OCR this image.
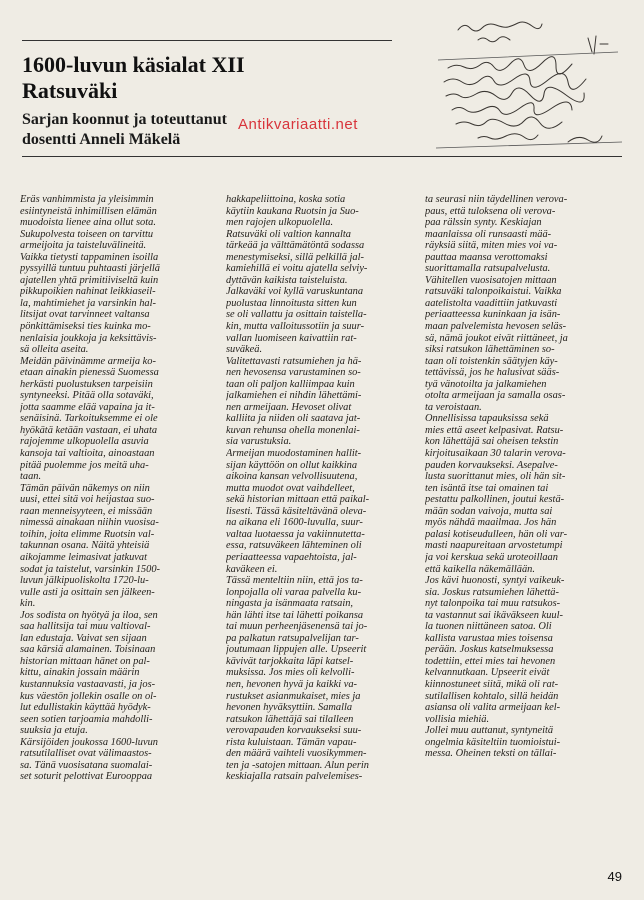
1600-luvun käsialat XII
Ratsuväki
Sarjan koonnut ja toteuttanut
dosentti Anneli Mäkelä
Antikvariaatti.net

Eräs vanhimmista ja yleisimmin
esiintyneistä inhimillisen elämän
muodoista lienee aina ollut sota.
Sukupolvesta toiseen on tarvittu
armeijoita ja taisteluvälineitä.
Vaikka tietysti tappaminen isoilla
pyssyillä tuntuu puhtaasti järjellä
ajatellen yhtä primitiiviseltä kuin
pikkupoikien nahinat leikkiaseil-
la, mahtimiehet ja varsinkin hal-
litsijat ovat tarvinneet valtansa
pönkittämiseksi ties kuinka mo-
nenlaisia joukkoja ja keksittävis-
sä olleita aseita.
Meidän päivinämme armeija ko-
etaan ainakin pienessä Suomessa
herkästi puolustuksen tarpeisiin
syntyneeksi. Pitää olla sotaväki,
jotta saamme elää vapaina ja it-
senäisinä. Tarkoituksemme ei ole
hyökätä ketään vastaan, ei uhata
rajojemme ulkopuolella asuvia
kansoja tai valtioita, ainoastaan
pitää puolemme jos meitä uha-
taan.
Tämän päivän näkemys on niin
uusi, ettei sitä voi heijastaa suo-
raan menneisyyteen, ei missään
nimessä ainakaan niihin vuosisa-
toihin, joita elimme Ruotsin val-
takunnan osana. Näitä yhteisiä
aikojamme leimasivat jatkuvat
sodat ja taistelut, varsinkin 1500-
luvun jälkipuoliskolta 1720-lu-
vulle asti ja osittain sen jälkeen-
kin.
Jos sodista on hyötyä ja iloa, sen
saa hallitsija tai muu valtioval-
lan edustaja. Vaivat sen sijaan
saa kärsiä alamainen. Toisinaan
historian mittaan hänet on pal-
kittu, ainakin jossain määrin
kustannuksia vastaavasti, ja jos-
kus väestön jollekin osalle on ol-
lut edullistakin käyttää hyödyk-
seen sotien tarjoamia mahdolli-
suuksia ja etuja.
Kärsijöiden joukossa 1600-luvun
ratsutilalliset ovat välimaastos-
sa. Tänä vuosisatana suomalai-
set soturit pelottivat Eurooppaa

hakkapeliittoina, koska sotia
käytiin kaukana Ruotsin ja Suo-
men rajojen ulkopuolella.
Ratsuväki oli valtion kannalta
tärkeää ja välttämätöntä sodassa
menestymiseksi, sillä pelkillä jal-
kamiehillä ei voitu ajatella selviy-
dyttävän kaikista taisteluista.
Jalkaväki voi kyllä varuskuntana
puolustaa linnoitusta sitten kun
se oli vallattu ja osittain taistella-
kin, mutta valloitussotiin ja suur-
vallan luomiseen kaivattiin rat-
suväkeä.
Valitettavasti ratsumiehen ja hä-
nen hevosensa varustaminen so-
taan oli paljon kalliimpaa kuin
jalkamiehen ei nihdin lähettämi-
nen armeijaan. Hevoset olivat
kalliita ja niiden oli saatava jat-
kuvan rehunsa ohella monenlai-
sia varustuksia.
Armeijan muodostaminen hallit-
sijan käyttöön on ollut kaikkina
aikoina kansan velvollisuutena,
mutta muodot ovat vaihdelleet,
sekä historian mittaan että paikal-
lisesti. Tässä käsiteltävänä oleva-
na aikana eli 1600-luvulla, suur-
valtaa luotaessa ja vakiinnutetta-
essa, ratsuväkeen lähteminen oli
periaatteessa vapaehtoista, jal-
kaväkeen ei.
Tässä menteltiin niin, että jos ta-
lonpojalla oli varaa palvella ku-
ningasta ja isänmaata ratsain,
hän lähti itse tai lähetti poikansa
tai muun perheenjäsenensä tai jo-
pa palkatun ratsupalvelijan tar-
joutumaan lippujen alle. Upseerit
kävivät tarjokkaita läpi katsel-
muksissa. Jos mies oli kelvolli-
nen, hevonen hyvä ja kaikki va-
rustukset asianmukaiset, mies ja
hevonen hyväksyttiin. Samalla
ratsukon lähettäjä sai tilalleen
verovapauden korvaukseksi suu-
rista kuluistaan. Tämän vapau-
den määrä vaihteli vuosikymmen-
ten ja -satojen mittaan. Alun perin
keskiajalla ratsain palvelemises-

ta seurasi niin täydellinen verova-
paus, että tuloksena oli verova-
paa rälssin synty. Keskiajan
maanlaissa oli runsaasti mää-
räyksiä siitä, miten mies voi va-
pauttaa maansa verottomaksi
suorittamalla ratsupalvelusta.
Vähitellen vuosisatojen mittaan
ratsuväki talonpoikaistui. Vaikka
aatelistolta vaadittiin jatkuvasti
periaatteessa kuninkaan ja isän-
maan palvelemista hevosen seläs-
sä, nämä joukot eivät riittäneet, ja
siksi ratsukon lähettäminen so-
taan oli toistenkin säätyjen käy-
tettävissä, jos he halusivat sääs-
tyä vänotoilta ja jalkamiehen
otolta armeijaan ja samalla osas-
ta veroistaan.
Onnellisissa tapauksissa sekä
mies että aseet kelpasivat. Ratsu-
kon lähettäjä sai oheisen tekstin
kirjoitusaikaan 30 talarin verova-
pauden korvaukseksi. Asepalve-
lusta suorittanut mies, oli hän sit-
ten isäntä itse tai omainen tai
pestattu palkollinen, joutui kestä-
mään sodan vaivoja, mutta sai
myös nähdä maailmaa. Jos hän
palasi kotiseudulleen, hän oli var-
masti naapureitaan arvostetumpi
ja voi kerskua sekä uroteoillaan
että kaikella näkemällään.
Jos kävi huonosti, syntyi vaikeuk-
sia. Joskus ratsumiehen lähettä-
nyt talonpoika tai muu ratsukos-
ta vastannut sai ikäväkseen kuul-
la tuonen niittäneen satoa. Oli
kallista varustaa mies toisensa
perään. Joskus katselmuksessa
todettiin, ettei mies tai hevonen
kelvannutkaan. Upseerit eivät
kiinnostuneet siitä, mikä oli rat-
sutilallisen kohtalo, sillä heidän
asiansa oli valita armeijaan kel-
vollisia miehiä.
Jollei muu auttanut, syntyneitä
ongelmia käsiteltiin tuomioistui-
messa. Oheinen teksti on tällai-

49
